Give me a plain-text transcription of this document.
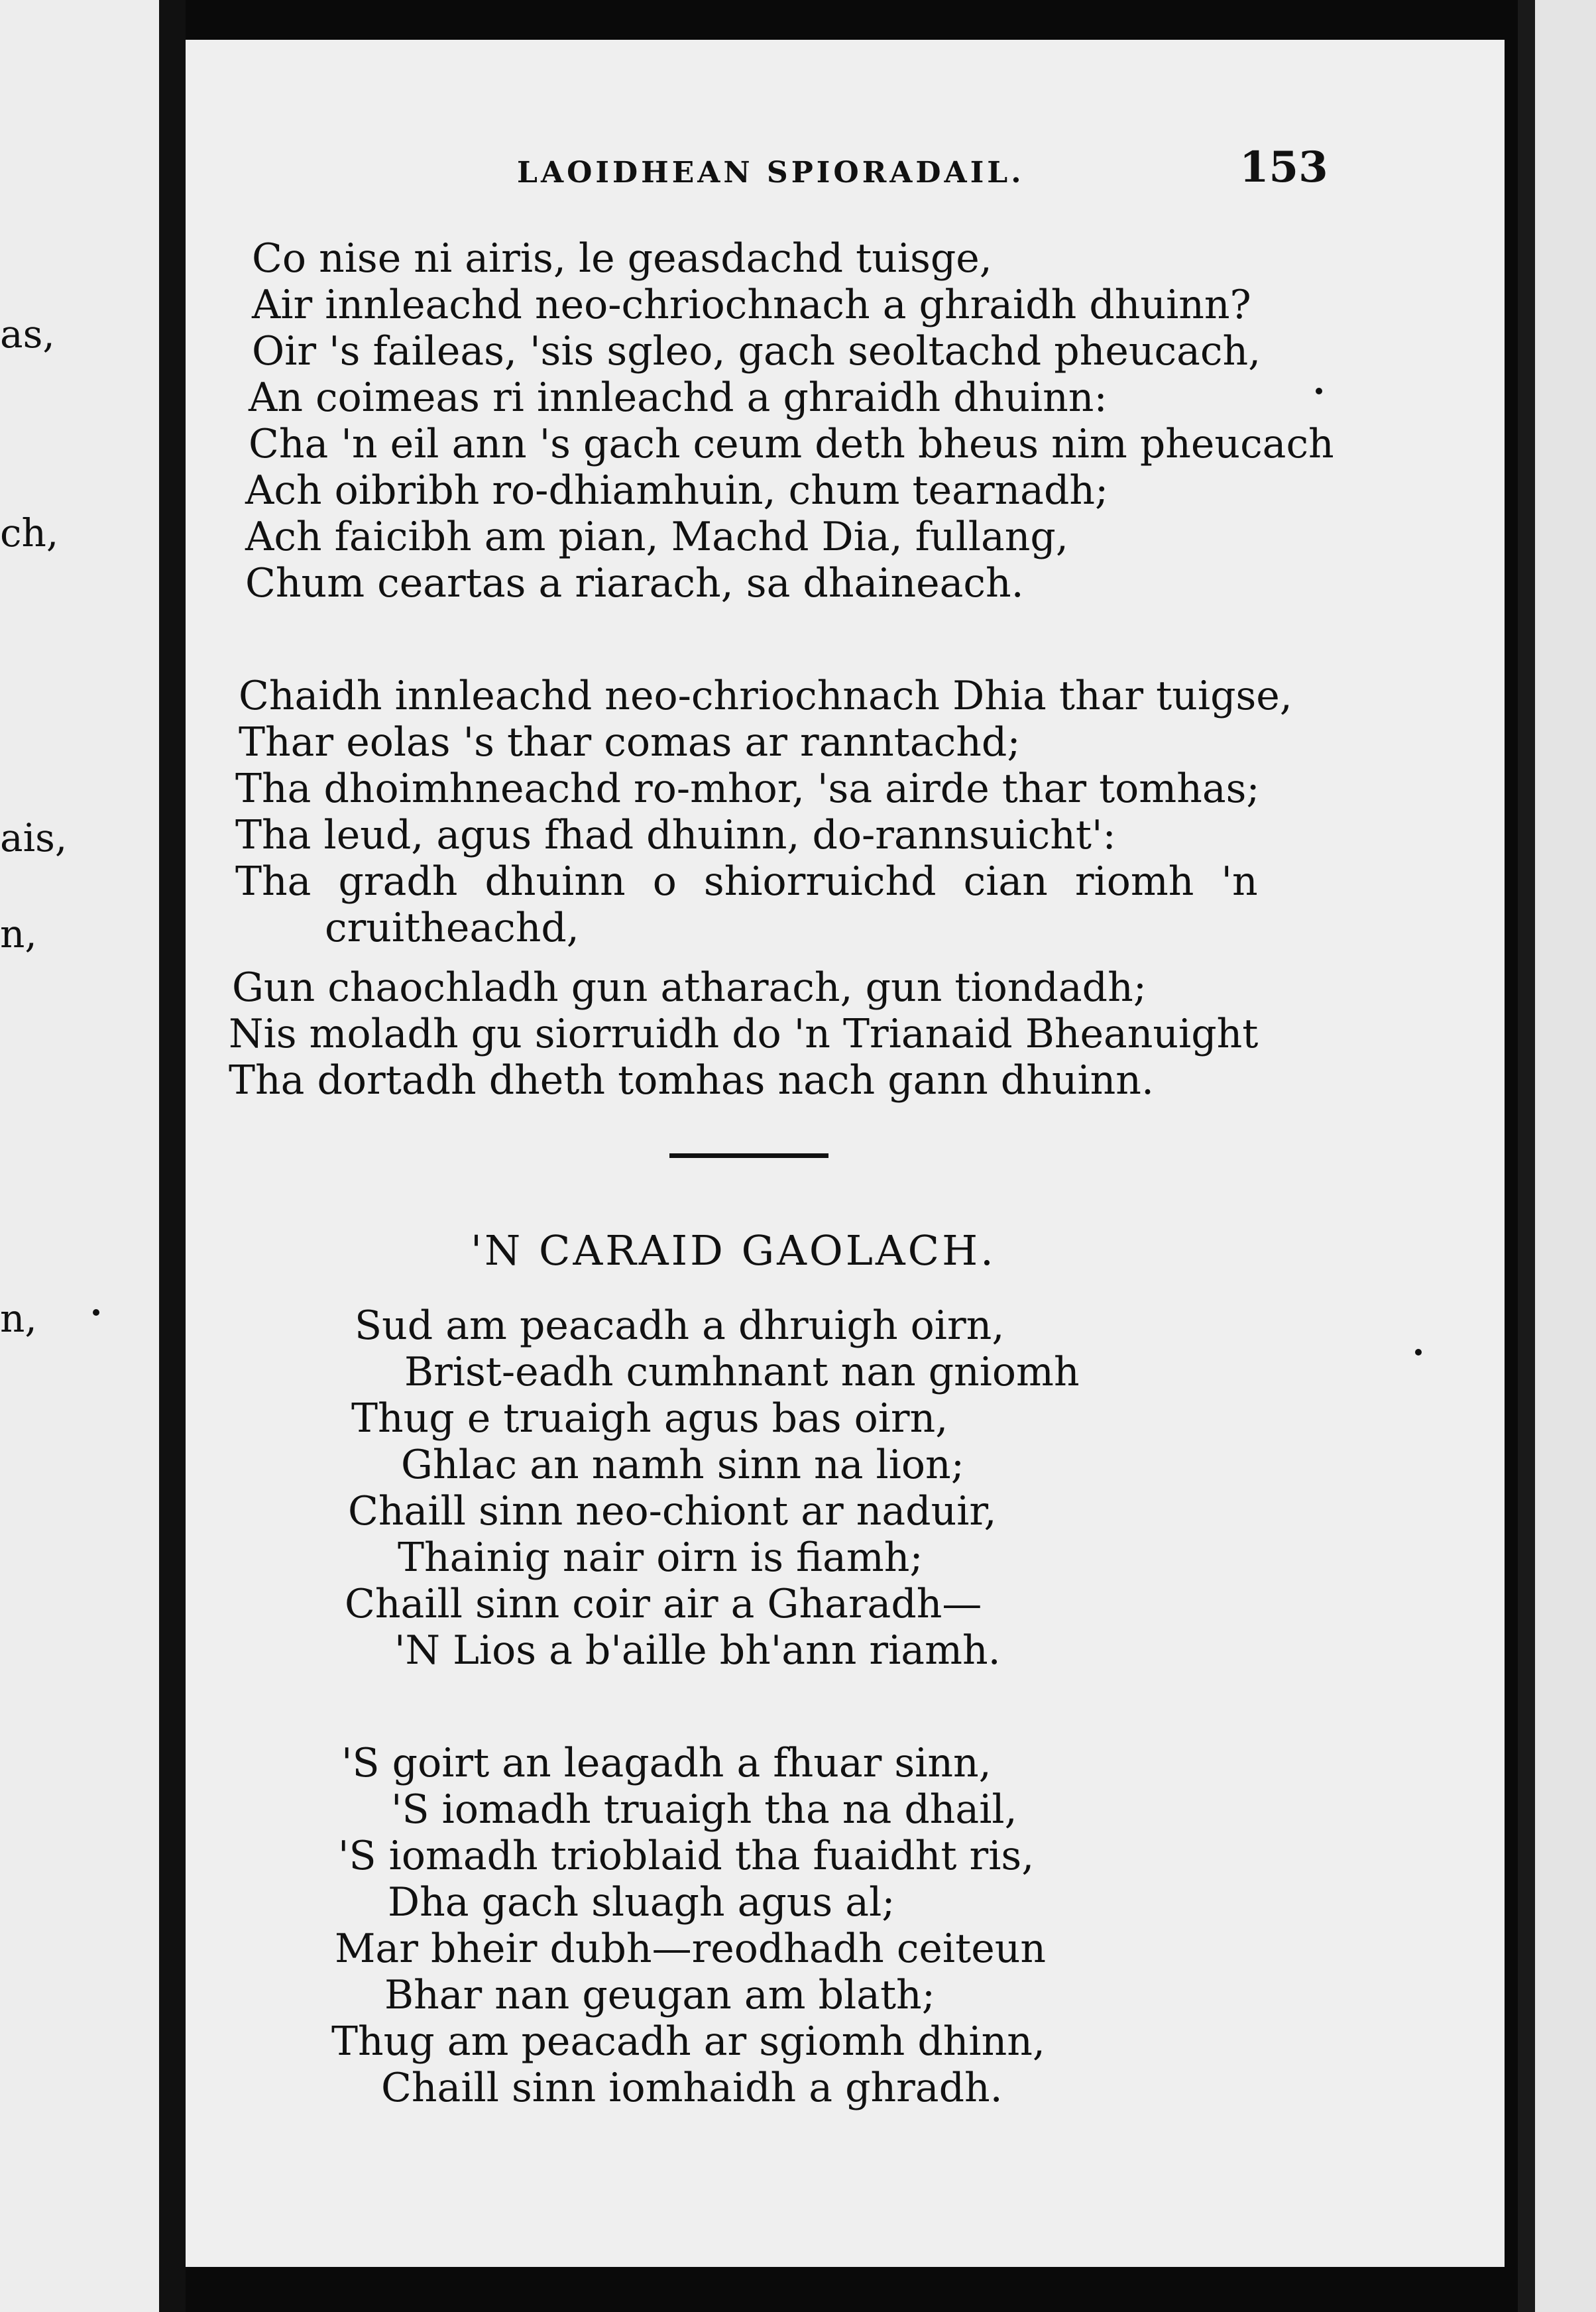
as,
ch,
ais,
n,
n,
LAOIDHEAN SPIORADAIL.	153
Co nise ni airis, le geasdachd tuisge,
Air innleachd neo-chriochnach a ghraidh dhuinn?
Oir 's faileas, 'sis sgleo, gach seoltachd pheucach,
An coimeas ri innleachd a ghraidh dhuinn:
Cha 'n eil ann 's gach ceum deth bheus nim pheucach
Ach oibribh ro-dhiamhuin, chum tearnadh;
Ach faicibh am pian, Machd Dia, fullang,
Chum ceartas a riarach, sa dhaineach.
Chaidh innleachd neo-chriochnach Dhia thar tuigse,
Thar eolas 's thar comas ar ranntachd;
Tha dhoimhneachd ro-mhor, 'sa airde thar tomhas;
Tha leud, agus fhad dhuinn, do-rannsuicht':
Tha gradh dhuinn o shiorruichd cian riomh 'n
cruitheachd,
Gun chaochladh gun atharach, gun tiondadh;
Nis moladh gu siorruidh do 'n Trianaid Bheanuight
Tha dortadh dheth tomhas nach gann dhuinn.
'N CARAID GAOLACH.
Sud am peacadh a dhruigh oirn,
Brist-eadh cumhnant nan gniomh
Thug e truaigh agus bas oirn,
Ghlac an namh sinn na lion;
Chaill sinn neo-chiont ar naduir,
Thainig nair oirn is fiamh;
Chaill sinn coir air a Gharadh—
'N Lios a b'aille bh'ann riamh.
'S goirt an leagadh a fhuar sinn,
'S iomadh truaigh tha na dhail,
'S iomadh trioblaid tha fuaidht ris,
Dha gach sluagh agus al;
Mar bheir dubh—reodhadh ceiteun
Bhar nan geugan am blath;
Thug am peacadh ar sgiomh dhinn,
Chaill sinn iomhaidh a ghradh.
